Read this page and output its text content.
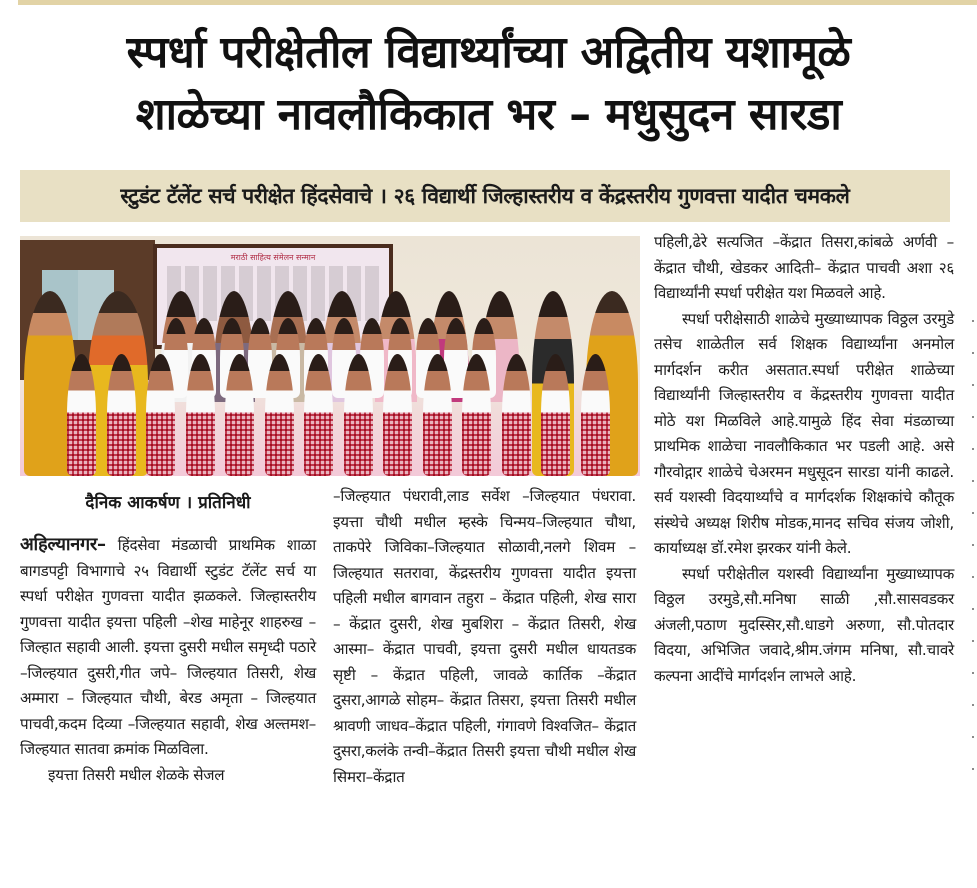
स्पर्धा परीक्षेतील विद्यार्थ्यांच्या अद्वितीय यशामूळे
शाळेच्या नावलौकिकात भर – मधुसुदन सारडा
स्टुडंट टॅलेंट सर्च परीक्षेत हिंदसेवाचे । २६ विद्यार्थी जिल्हास्तरीय व केंद्रस्तरीय गुणवत्ता यादीत चमकले
मराठी साहित्य संमेलन सन्मान
दैनिक आकर्षण । प्रतिनिधी

अहिल्यानगर– हिंदसेवा मंडळाची प्राथमिक शाळा बागडपट्टी विभागाचे २५ विद्यार्थी स्टुडंट टॅलेंट सर्च या स्पर्धा परीक्षेत गुणवत्ता यादीत झळकले. जिल्हास्तरीय गुणवत्ता यादीत इयत्ता पहिली –शेख माहेनूर शाहरुख –जिल्हात सहावी आली. इयत्ता दुसरी मधील समृध्दी पठारे –जिल्हयात दुसरी,गीत जपे– जिल्हयात तिसरी, शेख अम्मारा – जिल्हयात चौथी, बेरड अमृता – जिल्हयात पाचवी,कदम दिव्या –जिल्हयात सहावी, शेख अल्तमश– जिल्हयात सातवा क्रमांक मिळविला.

इयत्ता तिसरी मधील शेळके सेजल

–जिल्हयात पंधरावी,लाड सर्वेश –जिल्हयात पंधरावा. इयत्ता चौथी मधील म्हस्के चिन्मय–जिल्हयात चौथा, ताकपेरे जिविका–जिल्हयात सोळावी,नलगे शिवम – जिल्हयात सतरावा, केंद्रस्तरीय गुणवत्ता यादीत इयत्ता पहिली मधील बागवान तहुरा – केंद्रात पहिली, शेख सारा – केंद्रात दुसरी, शेख मुबशिरा – केंद्रात तिसरी, शेख आस्मा– केंद्रात पाचवी, इयत्ता दुसरी मधील धायतडक सृष्टी – केंद्रात पहिली, जावळे कार्तिक –केंद्रात दुसरा,आगळे सोहम– केंद्रात तिसरा, इयत्ता तिसरी मधील श्रावणी जाधव–केंद्रात पहिली, गंगावणे विश्वजित– केंद्रात दुसरा,कलंके तन्वी–केंद्रात तिसरी इयत्ता चौथी मधील शेख सिमरा–केंद्रात

पहिली,ढेरे सत्यजित –केंद्रात तिसरा,कांबळे अर्णवी –केंद्रात चौथी, खेडकर आदिती– केंद्रात पाचवी अशा २६ विद्यार्थ्यांनी स्पर्धा परीक्षेत यश मिळवले आहे.

स्पर्धा परीक्षेसाठी शाळेचे मुख्याध्यापक विठ्ठल उरमुडे तसेच शाळेतील सर्व शिक्षक विद्यार्थ्यांना अनमोल मार्गदर्शन करीत असतात.स्पर्धा परीक्षेत शाळेच्या विद्यार्थ्यांनी जिल्हास्तरीय व केंद्रस्तरीय गुणवत्ता यादीत मोठे यश मिळविले आहे.यामुळे हिंद सेवा मंडळाच्या प्राथमिक शाळेचा नावलौकिकात भर पडली आहे. असे गौरवोद्गार शाळेचे चेअरमन मधुसूदन सारडा यांनी काढले. सर्व यशस्वी विदयार्थ्यांचे व मार्गदर्शक शिक्षकांचे कौतूक संस्थेचे अध्यक्ष शिरीष मोडक,मानद सचिव संजय जोशी, कार्याध्यक्ष डॉ.रमेश झरकर यांनी केले.

स्पर्धा परीक्षेतील यशस्वी विद्यार्थ्यांना मुख्याध्यापक विठ्ठल उरमुडे,सौ.मनिषा साळी ,सौ.सासवडकर अंजली,पठाण मुदस्सिर,सौ.धाडगे अरुणा, सौ.पोतदार विदया, अभिजित जवादे,श्रीम.जंगम मनिषा, सौ.चावरे कल्पना आदींचे मार्गदर्शन लाभले आहे.
